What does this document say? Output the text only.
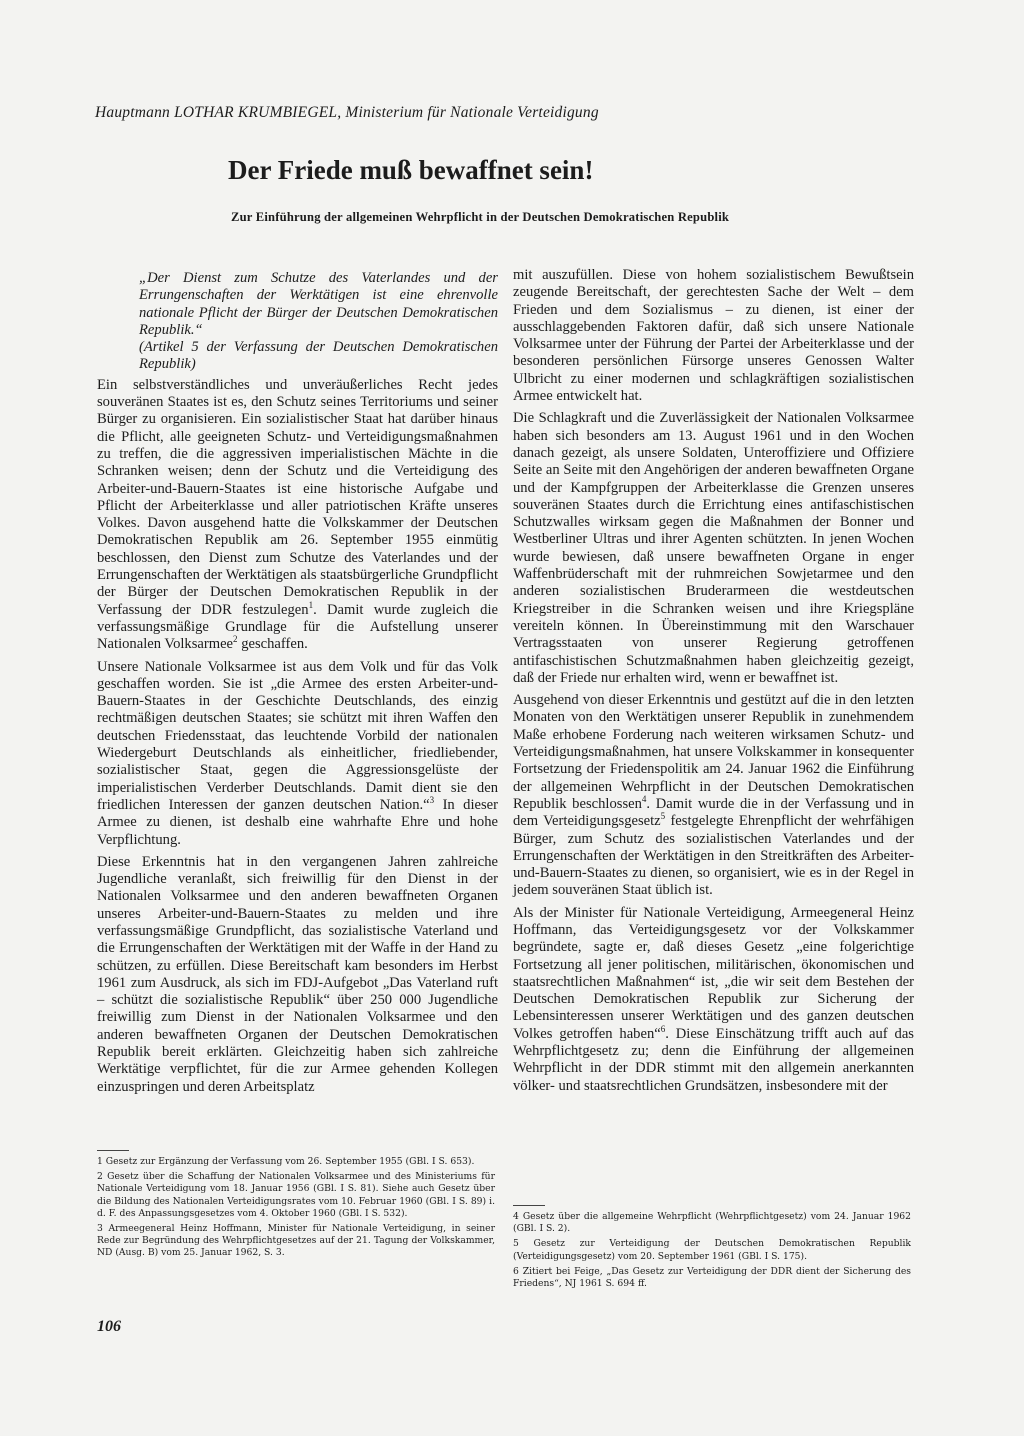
Hauptmann LOTHAR KRUMBIEGEL, Ministerium für Nationale Verteidigung

Der Friede muß bewaffnet sein!
Zur Einführung der allgemeinen Wehrpflicht in der Deutschen Demokratischen Republik

„Der Dienst zum Schutze des Vaterlandes und der Errungenschaften der Werktätigen ist eine ehrenvolle nationale Pflicht der Bürger der Deutschen Demokratischen Republik.“

(Artikel 5 der Verfassung der Deutschen Demokratischen Republik)

Ein selbstverständliches und unveräußerliches Recht jedes souveränen Staates ist es, den Schutz seines Territoriums und seiner Bürger zu organisieren. Ein sozialistischer Staat hat darüber hinaus die Pflicht, alle geeigneten Schutz- und Verteidigungsmaßnahmen zu treffen, die die aggressiven imperialistischen Mächte in die Schranken weisen; denn der Schutz und die Verteidigung des Arbeiter-und-Bauern-Staates ist eine historische Aufgabe und Pflicht der Arbeiterklasse und aller patriotischen Kräfte unseres Volkes. Davon ausgehend hatte die Volkskammer der Deutschen Demokratischen Republik am 26. September 1955 einmütig beschlossen, den Dienst zum Schutze des Vaterlandes und der Errungenschaften der Werktätigen als staatsbürgerliche Grundpflicht der Bürger der Deutschen Demokratischen Republik in der Verfassung der DDR festzulegen$^1$. Damit wurde zugleich die verfassungsmäßige Grundlage für die Aufstellung unserer Nationalen Volksarmee$^2$ geschaffen.

Unsere Nationale Volksarmee ist aus dem Volk und für das Volk geschaffen worden. Sie ist „die Armee des ersten Arbeiter-und-Bauern-Staates in der Geschichte Deutschlands, des einzig rechtmäßigen deutschen Staates; sie schützt mit ihren Waffen den deutschen Friedensstaat, das leuchtende Vorbild der nationalen Wiedergeburt Deutschlands als einheitlicher, friedliebender, sozialistischer Staat, gegen die Aggressionsgelüste der imperialistischen Verderber Deutschlands. Damit dient sie den friedlichen Interessen der ganzen deutschen Nation.“$^3$ In dieser Armee zu dienen, ist deshalb eine wahrhafte Ehre und hohe Verpflichtung.

Diese Erkenntnis hat in den vergangenen Jahren zahlreiche Jugendliche veranlaßt, sich freiwillig für den Dienst in der Nationalen Volksarmee und den anderen bewaffneten Organen unseres Arbeiter-und-Bauern-Staates zu melden und ihre verfassungsmäßige Grundpflicht, das sozialistische Vaterland und die Errungenschaften der Werktätigen mit der Waffe in der Hand zu schützen, zu erfüllen. Diese Bereitschaft kam besonders im Herbst 1961 zum Ausdruck, als sich im FDJ-Aufgebot „Das Vaterland ruft – schützt die sozialistische Republik“ über 250 000 Jugendliche freiwillig zum Dienst in der Nationalen Volksarmee und den anderen bewaffneten Organen der Deutschen Demokratischen Republik bereit erklärten. Gleichzeitig haben sich zahlreiche Werktätige verpflichtet, für die zur Armee gehenden Kollegen einzuspringen und deren Arbeitsplatz

mit auszufüllen. Diese von hohem sozialistischem Bewußtsein zeugende Bereitschaft, der gerechtesten Sache der Welt – dem Frieden und dem Sozialismus – zu dienen, ist einer der ausschlaggebenden Faktoren dafür, daß sich unsere Nationale Volksarmee unter der Führung der Partei der Arbeiterklasse und der besonderen persönlichen Fürsorge unseres Genossen Walter Ulbricht zu einer modernen und schlagkräftigen sozialistischen Armee entwickelt hat.

Die Schlagkraft und die Zuverlässigkeit der Nationalen Volksarmee haben sich besonders am 13. August 1961 und in den Wochen danach gezeigt, als unsere Soldaten, Unteroffiziere und Offiziere Seite an Seite mit den Angehörigen der anderen bewaffneten Organe und der Kampfgruppen der Arbeiterklasse die Grenzen unseres souveränen Staates durch die Errichtung eines antifaschistischen Schutzwalles wirksam gegen die Maßnahmen der Bonner und Westberliner Ultras und ihrer Agenten schützten. In jenen Wochen wurde bewiesen, daß unsere bewaffneten Organe in enger Waffenbrüderschaft mit der ruhmreichen Sowjetarmee und den anderen sozialistischen Bruderarmeen die westdeutschen Kriegstreiber in die Schranken weisen und ihre Kriegspläne vereiteln können. In Übereinstimmung mit den Warschauer Vertragsstaaten von unserer Regierung getroffenen antifaschistischen Schutzmaßnahmen haben gleichzeitig gezeigt, daß der Friede nur erhalten wird, wenn er bewaffnet ist.

Ausgehend von dieser Erkenntnis und gestützt auf die in den letzten Monaten von den Werktätigen unserer Republik in zunehmendem Maße erhobene Forderung nach weiteren wirksamen Schutz- und Verteidigungsmaßnahmen, hat unsere Volkskammer in konsequenter Fortsetzung der Friedenspolitik am 24. Januar 1962 die Einführung der allgemeinen Wehrpflicht in der Deutschen Demokratischen Republik beschlossen$^4$. Damit wurde die in der Verfassung und in dem Verteidigungsgesetz$^5$ festgelegte Ehrenpflicht der wehrfähigen Bürger, zum Schutz des sozialistischen Vaterlandes und der Errungenschaften der Werktätigen in den Streitkräften des Arbeiter-und-Bauern-Staates zu dienen, so organisiert, wie es in der Regel in jedem souveränen Staat üblich ist.

Als der Minister für Nationale Verteidigung, Armeegeneral Heinz Hoffmann, das Verteidigungsgesetz vor der Volkskammer begründete, sagte er, daß dieses Gesetz „eine folgerichtige Fortsetzung all jener politischen, militärischen, ökonomischen und staatsrechtlichen Maßnahmen“ ist, „die wir seit dem Bestehen der Deutschen Demokratischen Republik zur Sicherung der Lebensinteressen unserer Werktätigen und des ganzen deutschen Volkes getroffen haben“$^6$. Diese Einschätzung trifft auch auf das Wehrpflichtgesetz zu; denn die Einführung der allgemeinen Wehrpflicht in der DDR stimmt mit den allgemein anerkannten völker- und staatsrechtlichen Grundsätzen, insbesondere mit der

1 Gesetz zur Ergänzung der Verfassung vom 26. September 1955 (GBl. I S. 653).

2 Gesetz über die Schaffung der Nationalen Volksarmee und des Ministeriums für Nationale Verteidigung vom 18. Januar 1956 (GBl. I S. 81). Siehe auch Gesetz über die Bildung des Nationalen Verteidigungsrates vom 10. Februar 1960 (GBl. I S. 89) i. d. F. des Anpassungsgesetzes vom 4. Oktober 1960 (GBl. I S. 532).

3 Armeegeneral Heinz Hoffmann, Minister für Nationale Verteidigung, in seiner Rede zur Begründung des Wehrpflichtgesetzes auf der 21. Tagung der Volkskammer, ND (Ausg. B) vom 25. Januar 1962, S. 3.

4 Gesetz über die allgemeine Wehrpflicht (Wehrpflichtgesetz) vom 24. Januar 1962 (GBl. I S. 2).

5 Gesetz zur Verteidigung der Deutschen Demokratischen Republik (Verteidigungsgesetz) vom 20. September 1961 (GBl. I S. 175).

6 Zitiert bei Feige, „Das Gesetz zur Verteidigung der DDR dient der Sicherung des Friedens“, NJ 1961 S. 694 ff.

106
